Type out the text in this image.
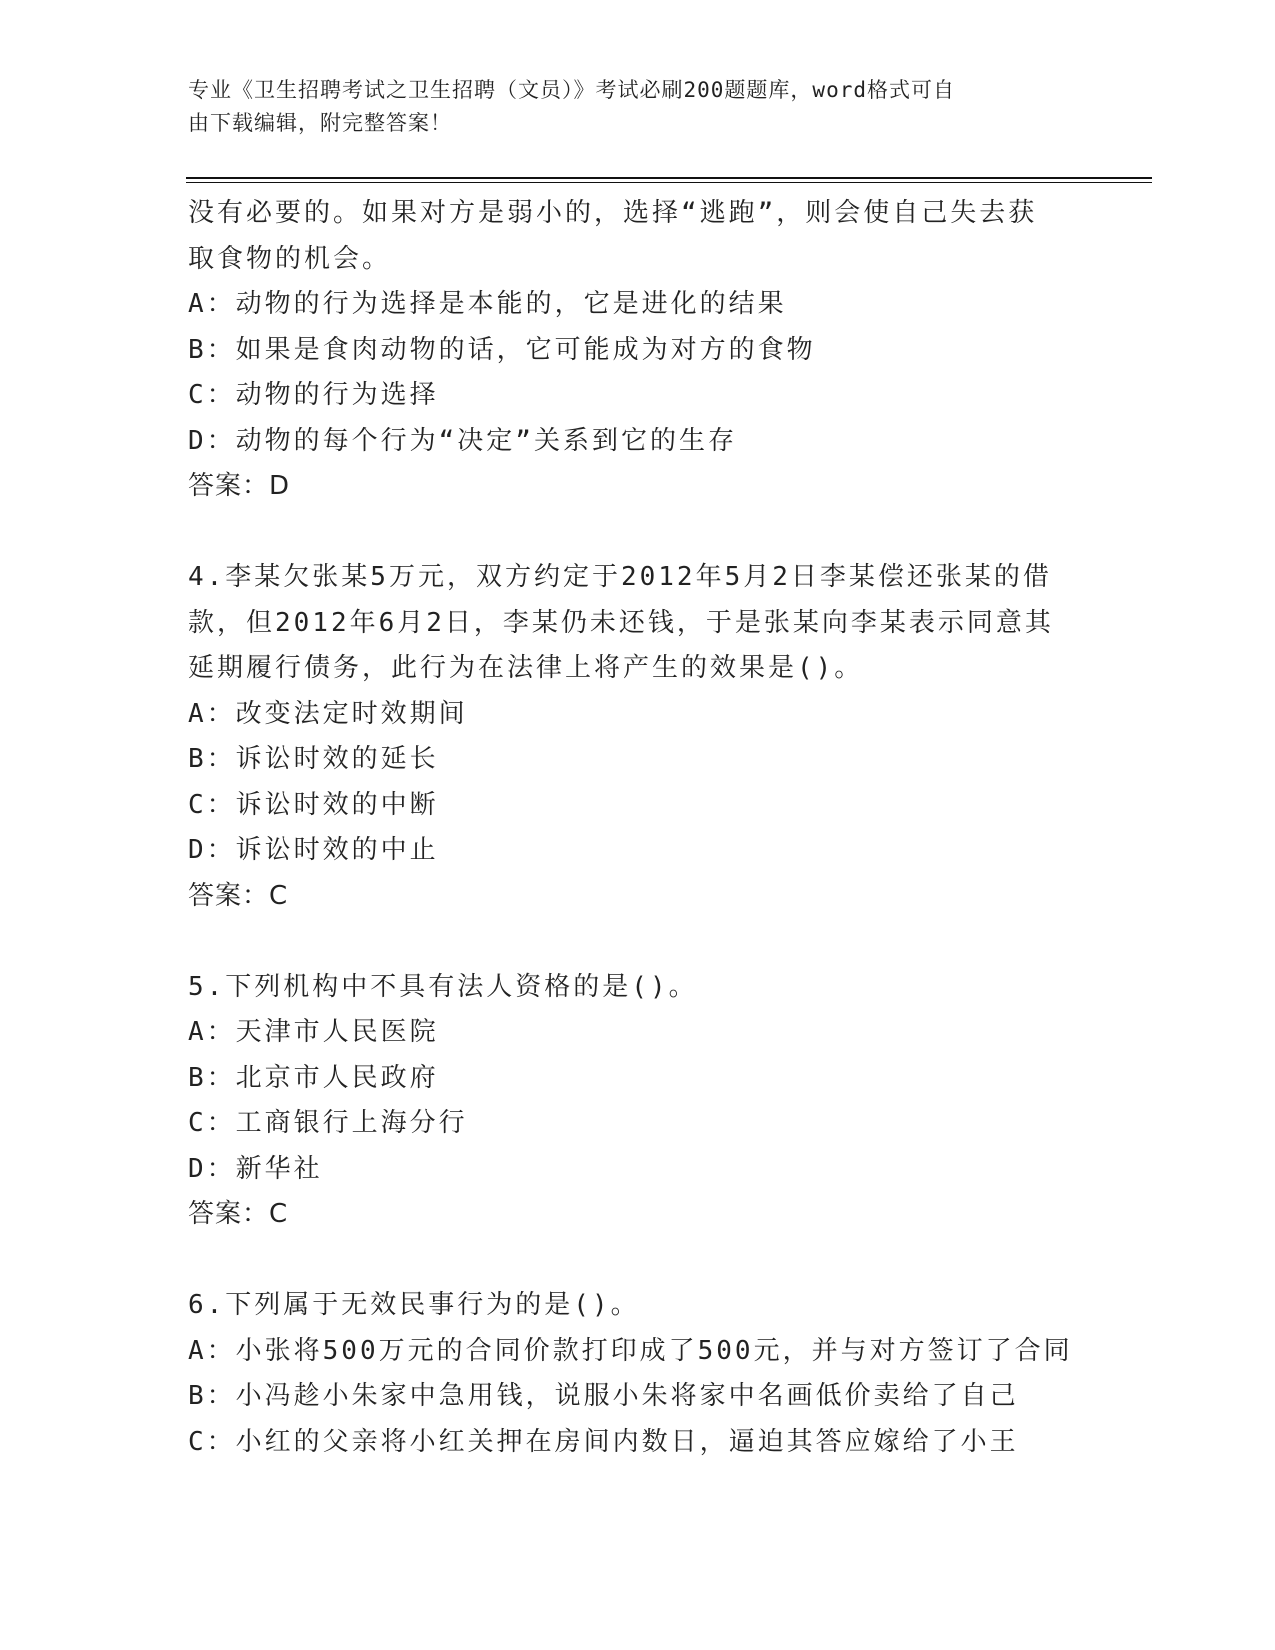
专业《卫生招聘考试之卫生招聘（文员）》考试必刷200题题库，word格式可自
由下载编辑，附完整答案！
没有必要的。如果对方是弱小的，选择“逃跑”，则会使自己失去获
取食物的机会。
A：动物的行为选择是本能的，它是进化的结果
B：如果是食肉动物的话，它可能成为对方的食物
C：动物的行为选择
D：动物的每个行为“决定”关系到它的生存
答案：D
4.李某欠张某5万元，双方约定于2012年5月2日李某偿还张某的借
款，但2012年6月2日，李某仍未还钱，于是张某向李某表示同意其
延期履行债务，此行为在法律上将产生的效果是()。
A：改变法定时效期间
B：诉讼时效的延长
C：诉讼时效的中断
D：诉讼时效的中止
答案：C
5.下列机构中不具有法人资格的是()。
A：天津市人民医院
B：北京市人民政府
C：工商银行上海分行
D：新华社
答案：C
6.下列属于无效民事行为的是()。
A：小张将500万元的合同价款打印成了500元，并与对方签订了合同
B：小冯趁小朱家中急用钱，说服小朱将家中名画低价卖给了自己
C：小红的父亲将小红关押在房间内数日，逼迫其答应嫁给了小王
